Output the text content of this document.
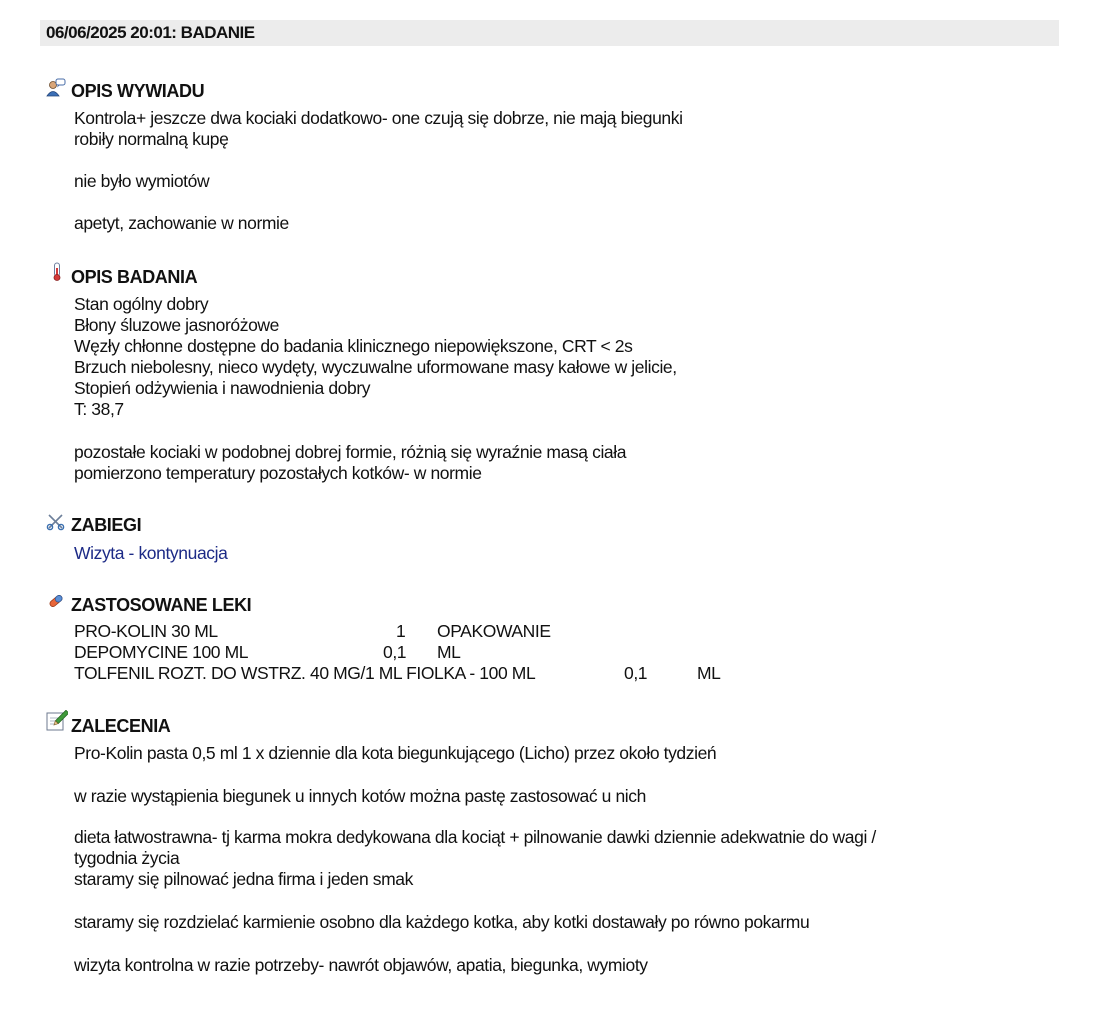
06/06/2025 20:01: BADANIE
OPIS WYWIADU
Kontrola+ jeszcze dwa kociaki dodatkowo- one czują się dobrze, nie mają biegunki
robiły normalną kupę
nie było wymiotów
apetyt, zachowanie w normie
OPIS BADANIA
Stan ogólny dobry
Błony śluzowe jasnoróżowe
Węzły chłonne dostępne do badania klinicznego niepowiększone, CRT < 2s
Brzuch niebolesny, nieco wydęty, wyczuwalne uformowane masy kałowe w jelicie,
Stopień odżywienia i nawodnienia dobry
T: 38,7
pozostałe kociaki w podobnej dobrej formie, różnią się wyraźnie masą ciała
pomierzono temperatury pozostałych kotków- w normie
ZABIEGI
Wizyta - kontynuacja
ZASTOSOWANE LEKI
PRO-KOLIN 30 ML	1 OPAKOWANIE
DEPOMYCINE 100 ML	0,1 ML
TOLFENIL ROZT. DO WSTRZ. 40 MG/1 ML FIOLKA - 100 ML	0,1	ML
ZALECENIA
Pro-Kolin pasta 0,5 ml 1 x dziennie dla kota biegunkującego (Licho) przez około tydzień
w razie wystąpienia biegunek u innych kotów można pastę zastosować u nich
dieta łatwostrawna- tj karma mokra dedykowana dla kociąt + pilnowanie dawki dziennie adekwatnie do wagi /
tygodnia życia
staramy się pilnować jedna firma i jeden smak
staramy się rozdzielać karmienie osobno dla każdego kotka, aby kotki dostawały po równo pokarmu
wizyta kontrolna w razie potrzeby- nawrót objawów, apatia, biegunka, wymioty
